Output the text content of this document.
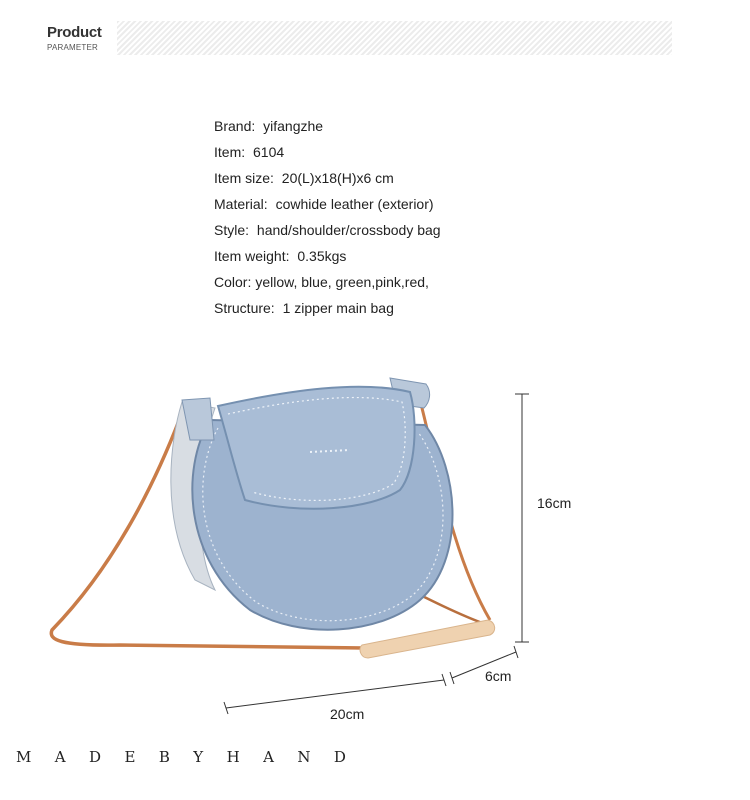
Product
PARAMETER
Brand: yifangzhe
Item: 6104
Item size: 20(L)x18(H)x6 cm
Material: cowhide leather (exterior)
Style: hand/shoulder/crossbody bag
Item weight: 0.35kgs
Color: yellow, blue, green,pink,red,
Structure: 1 zipper main bag
16cm
6cm
20cm
M A D E B Y H A N D
